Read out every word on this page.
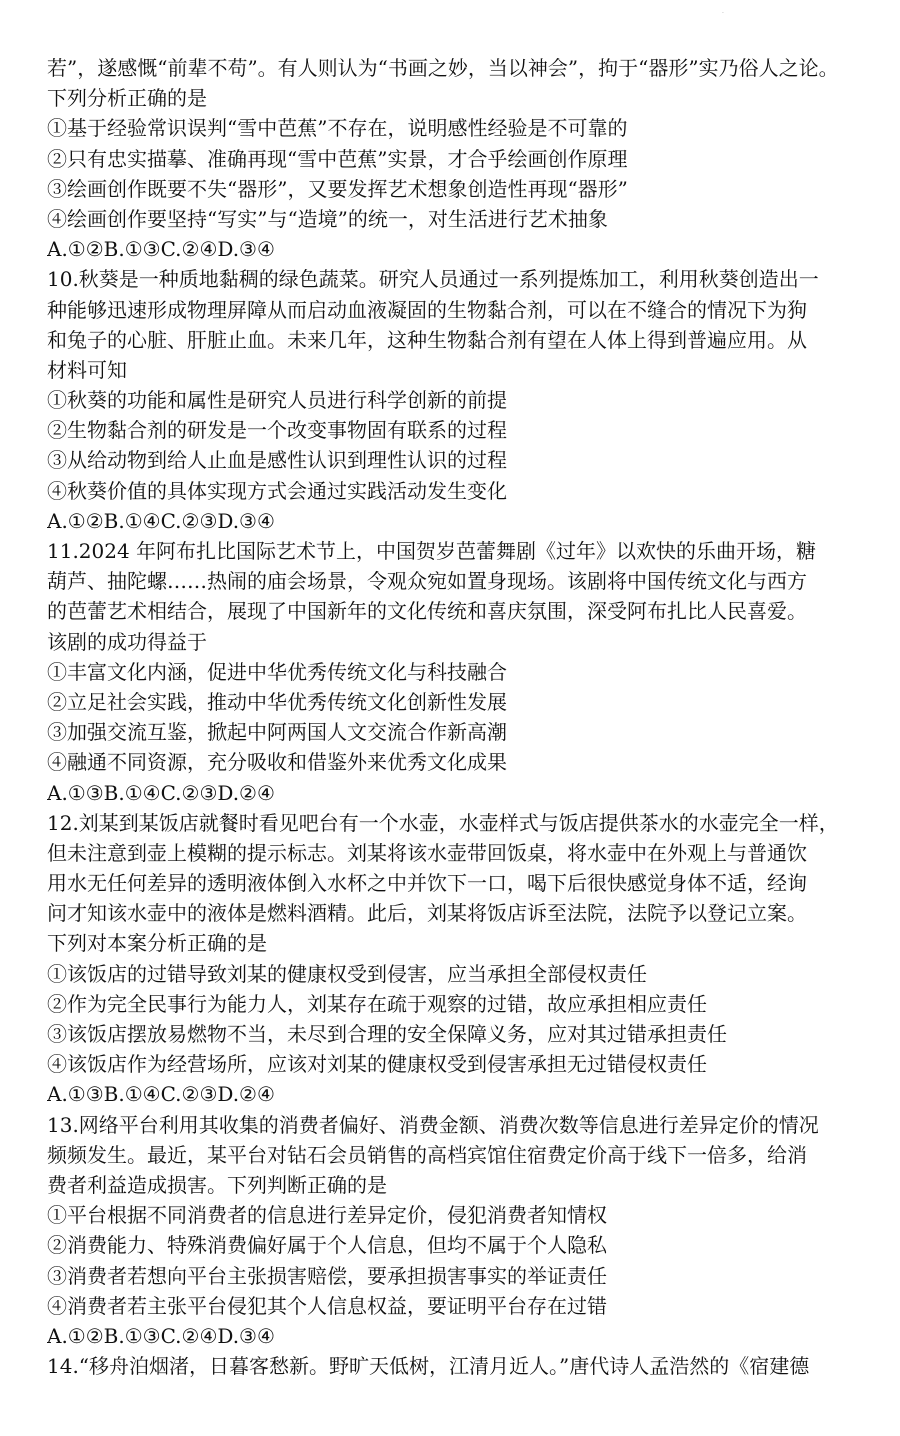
·
若”，遂感慨“前辈不苟”。有人则认为“书画之妙，当以神会”，拘于“器形”实乃俗人之论。
下列分析正确的是
①基于经验常识误判“雪中芭蕉”不存在，说明感性经验是不可靠的
②只有忠实描摹、准确再现“雪中芭蕉”实景，才合乎绘画创作原理
③绘画创作既要不失“器形”，又要发挥艺术想象创造性再现“器形”
④绘画创作要坚持“写实”与“造境”的统一，对生活进行艺术抽象
A.①②B.①③C.②④D.③④
10.秋葵是一种质地黏稠的绿色蔬菜。研究人员通过一系列提炼加工，利用秋葵创造出一
种能够迅速形成物理屏障从而启动血液凝固的生物黏合剂，可以在不缝合的情况下为狗
和兔子的心脏、肝脏止血。未来几年，这种生物黏合剂有望在人体上得到普遍应用。从
材料可知
①秋葵的功能和属性是研究人员进行科学创新的前提
②生物黏合剂的研发是一个改变事物固有联系的过程
③从给动物到给人止血是感性认识到理性认识的过程
④秋葵价值的具体实现方式会通过实践活动发生变化
A.①②B.①④C.②③D.③④
11.2024 年阿布扎比国际艺术节上，中国贺岁芭蕾舞剧《过年》以欢快的乐曲开场，糖
葫芦、抽陀螺……热闹的庙会场景，令观众宛如置身现场。该剧将中国传统文化与西方
的芭蕾艺术相结合，展现了中国新年的文化传统和喜庆氛围，深受阿布扎比人民喜爱。
该剧的成功得益于
①丰富文化内涵，促进中华优秀传统文化与科技融合
②立足社会实践，推动中华优秀传统文化创新性发展
③加强交流互鉴，掀起中阿两国人文交流合作新高潮
④融通不同资源，充分吸收和借鉴外来优秀文化成果
A.①③B.①④C.②③D.②④
12.刘某到某饭店就餐时看见吧台有一个水壶，水壶样式与饭店提供茶水的水壶完全一样，
但未注意到壶上模糊的提示标志。刘某将该水壶带回饭桌，将水壶中在外观上与普通饮
用水无任何差异的透明液体倒入水杯之中并饮下一口，喝下后很快感觉身体不适，经询
问才知该水壶中的液体是燃料酒精。此后，刘某将饭店诉至法院，法院予以登记立案。
下列对本案分析正确的是
①该饭店的过错导致刘某的健康权受到侵害，应当承担全部侵权责任
②作为完全民事行为能力人，刘某存在疏于观察的过错，故应承担相应责任
③该饭店摆放易燃物不当，未尽到合理的安全保障义务，应对其过错承担责任
④该饭店作为经营场所，应该对刘某的健康权受到侵害承担无过错侵权责任
A.①③B.①④C.②③D.②④
13.网络平台利用其收集的消费者偏好、消费金额、消费次数等信息进行差异定价的情况
频频发生。最近，某平台对钻石会员销售的高档宾馆住宿费定价高于线下一倍多，给消
费者利益造成损害。下列判断正确的是
①平台根据不同消费者的信息进行差异定价，侵犯消费者知情权
②消费能力、特殊消费偏好属于个人信息，但均不属于个人隐私
③消费者若想向平台主张损害赔偿，要承担损害事实的举证责任
④消费者若主张平台侵犯其个人信息权益，要证明平台存在过错
A.①②B.①③C.②④D.③④
14.“移舟泊烟渚，日暮客愁新。野旷天低树，江清月近人。”唐代诗人孟浩然的《宿建德
